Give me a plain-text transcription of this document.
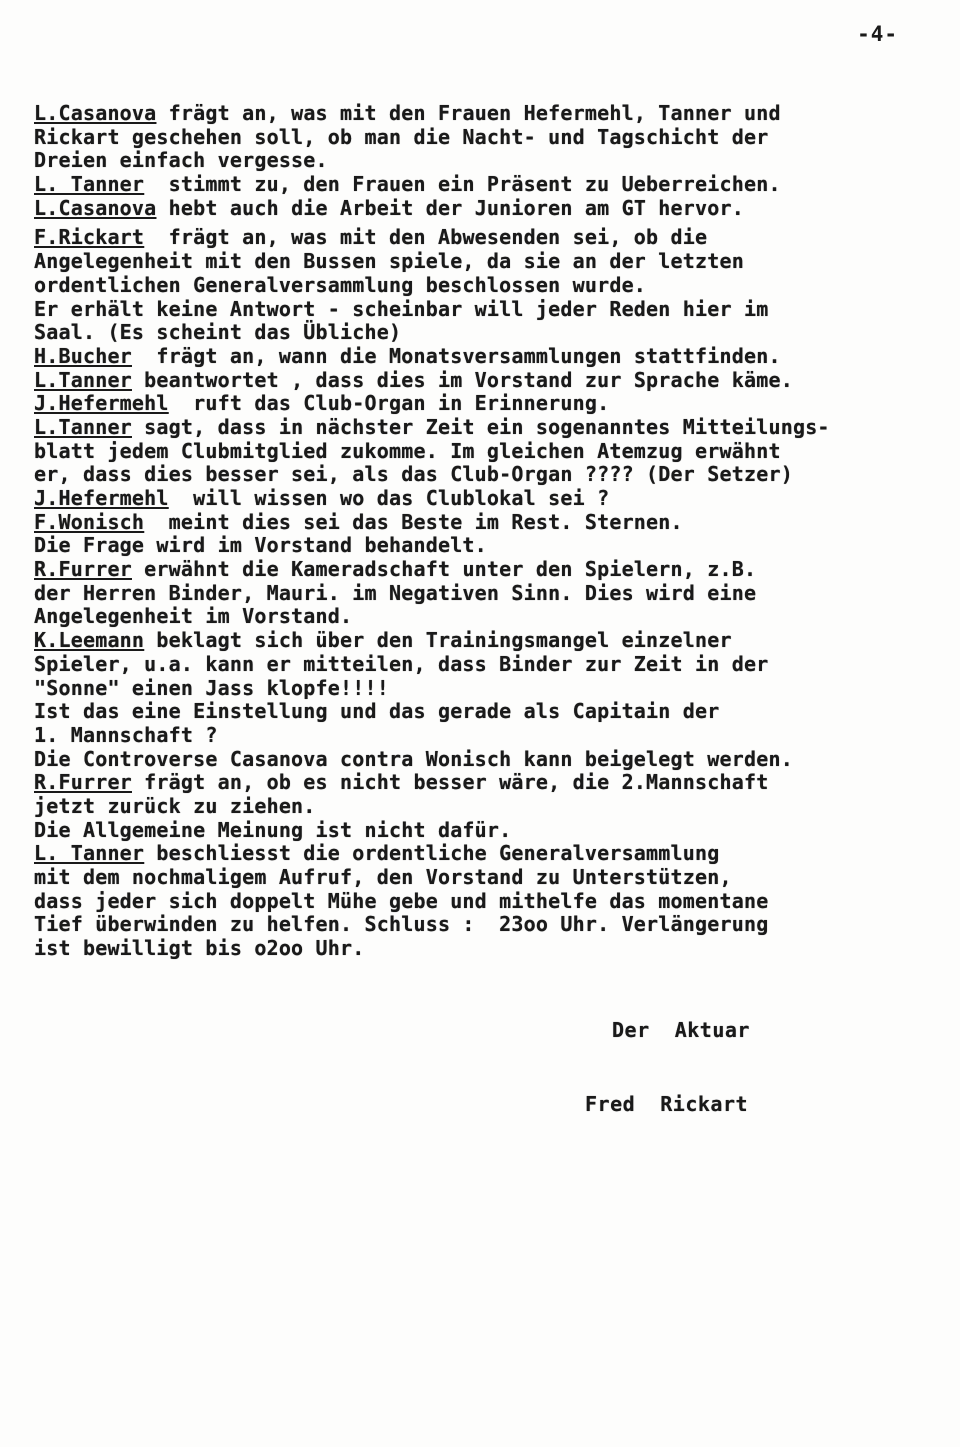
-4-
L.Casanova frägt an, was mit den Frauen Hefermehl, Tanner und
Rickart geschehen soll, ob man die Nacht- und Tagschicht der
Dreien einfach vergesse.
L. Tanner  stimmt zu, den Frauen ein Präsent zu Ueberreichen.
L.Casanova hebt auch die Arbeit der Junioren am GT hervor.
F.Rickart  frägt an, was mit den Abwesenden sei, ob die
Angelegenheit mit den Bussen spiele, da sie an der letzten
ordentlichen Generalversammlung beschlossen wurde.
Er erhält keine Antwort - scheinbar will jeder Reden hier im
Saal. (Es scheint das Übliche)
H.Bucher  frägt an, wann die Monatsversammlungen stattfinden.
L.Tanner beantwortet , dass dies im Vorstand zur Sprache käme.
J.Hefermehl  ruft das Club-Organ in Erinnerung.
L.Tanner sagt, dass in nächster Zeit ein sogenanntes Mitteilungs-
blatt jedem Clubmitglied zukomme. Im gleichen Atemzug erwähnt
er, dass dies besser sei, als das Club-Organ ???? (Der Setzer)
J.Hefermehl  will wissen wo das Clublokal sei ?
F.Wonisch  meint dies sei das Beste im Rest. Sternen.
Die Frage wird im Vorstand behandelt.
R.Furrer erwähnt die Kameradschaft unter den Spielern, z.B.
der Herren Binder, Mauri. im Negativen Sinn. Dies wird eine
Angelegenheit im Vorstand.
K.Leemann beklagt sich über den Trainingsmangel einzelner
Spieler, u.a. kann er mitteilen, dass Binder zur Zeit in der
"Sonne" einen Jass klopfe!!!!
Ist das eine Einstellung und das gerade als Capitain der
1. Mannschaft ?
Die Controverse Casanova contra Wonisch kann beigelegt werden.
R.Furrer frägt an, ob es nicht besser wäre, die 2.Mannschaft
jetzt zurück zu ziehen.
Die Allgemeine Meinung ist nicht dafür.
L. Tanner beschliesst die ordentliche Generalversammlung
mit dem nochmaligem Aufruf, den Vorstand zu Unterstützen,
dass jeder sich doppelt Mühe gebe und mithelfe das momentane
Tief überwinden zu helfen. Schluss :  23oo Uhr. Verlängerung
ist bewilligt bis o2oo Uhr.
Der  Aktuar
Fred  Rickart
